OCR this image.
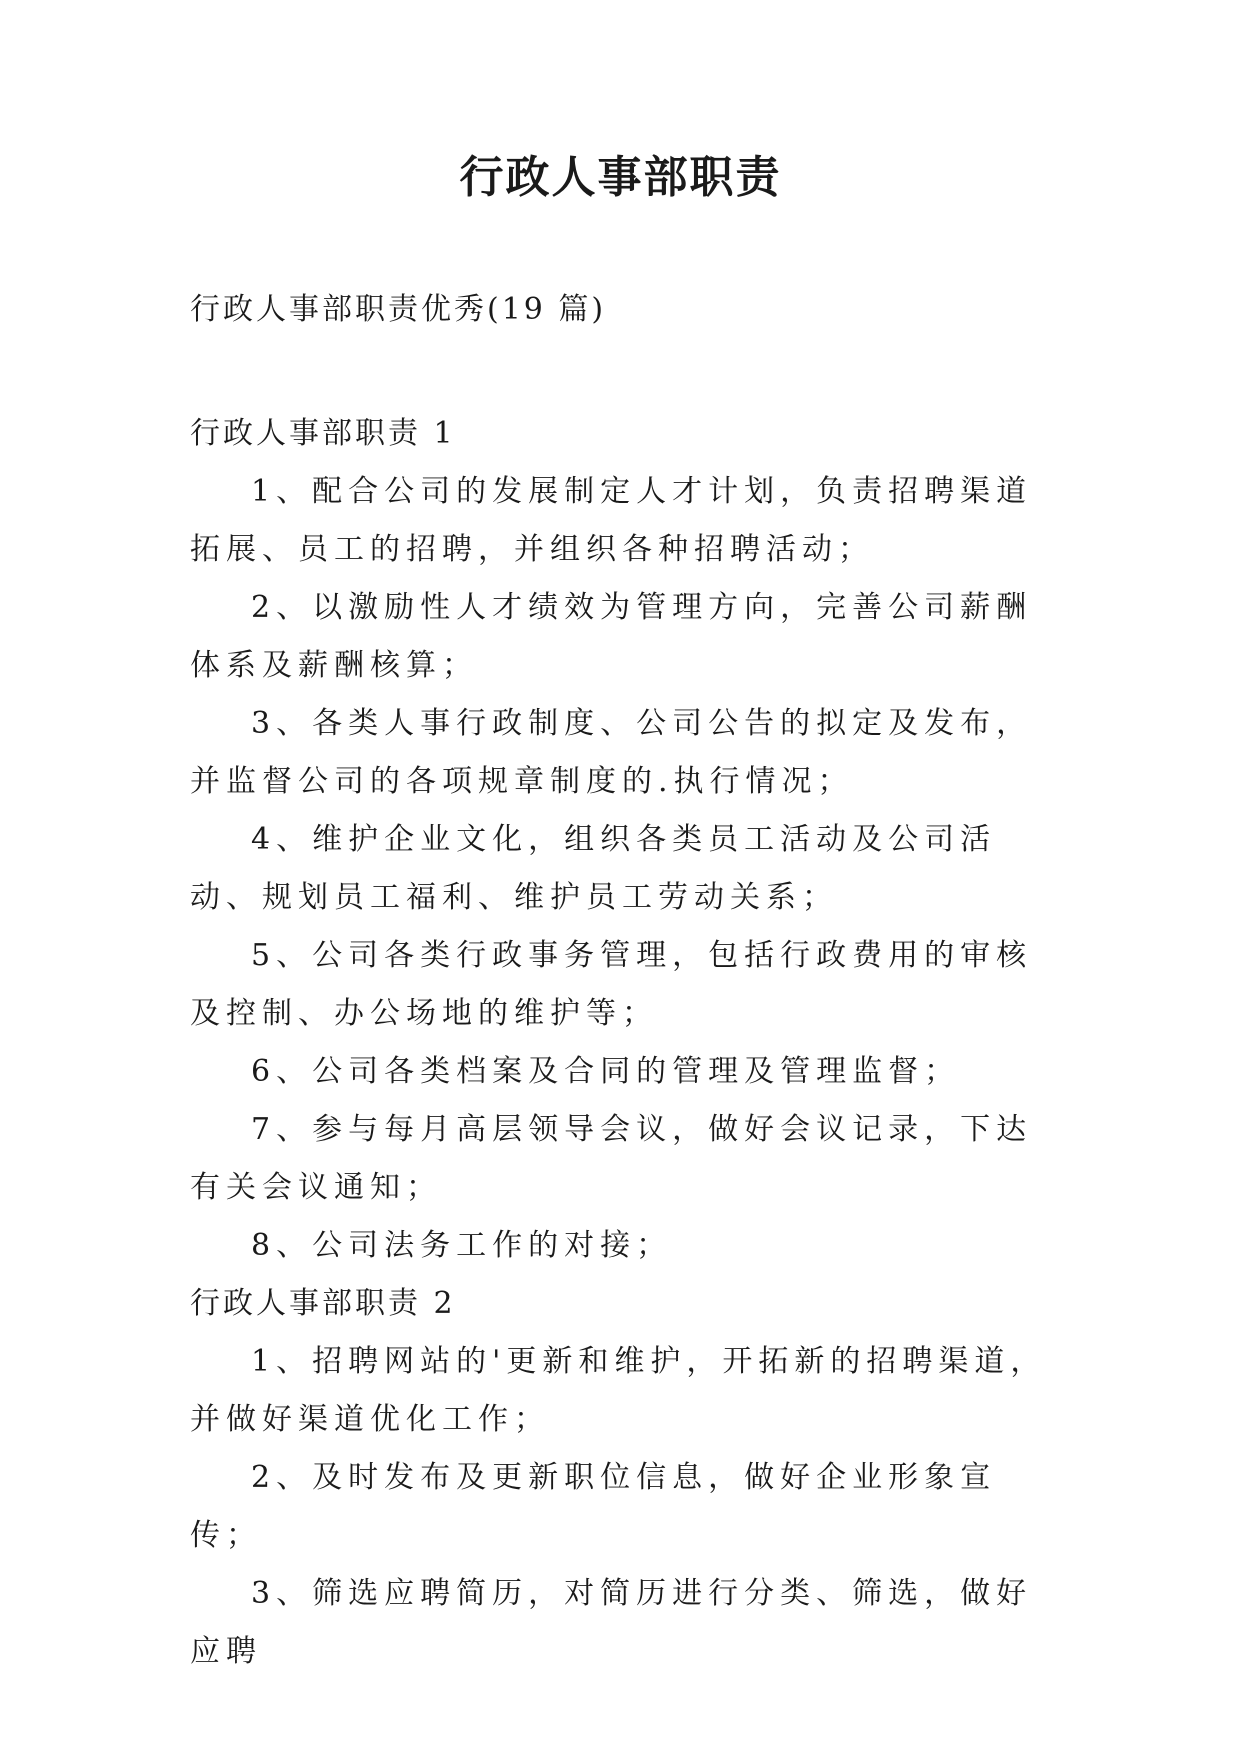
行政人事部职责
行政人事部职责优秀(19 篇)

行政人事部职责 1

1、配合公司的发展制定人才计划，负责招聘渠道拓展、员工的招聘，并组织各种招聘活动；

2、以激励性人才绩效为管理方向，完善公司薪酬体系及薪酬核算；

3、各类人事行政制度、公司公告的拟定及发布，并监督公司的各项规章制度的.执行情况；

4、维护企业文化，组织各类员工活动及公司活动、规划员工福利、维护员工劳动关系；

5、公司各类行政事务管理，包括行政费用的审核及控制、办公场地的维护等；

6、公司各类档案及合同的管理及管理监督；

7、参与每月高层领导会议，做好会议记录，下达有关会议通知；

8、公司法务工作的对接；

行政人事部职责 2

1、招聘网站的'更新和维护，开拓新的招聘渠道，并做好渠道优化工作；

2、及时发布及更新职位信息，做好企业形象宣传；

3、筛选应聘简历，对简历进行分类、筛选，做好应聘
